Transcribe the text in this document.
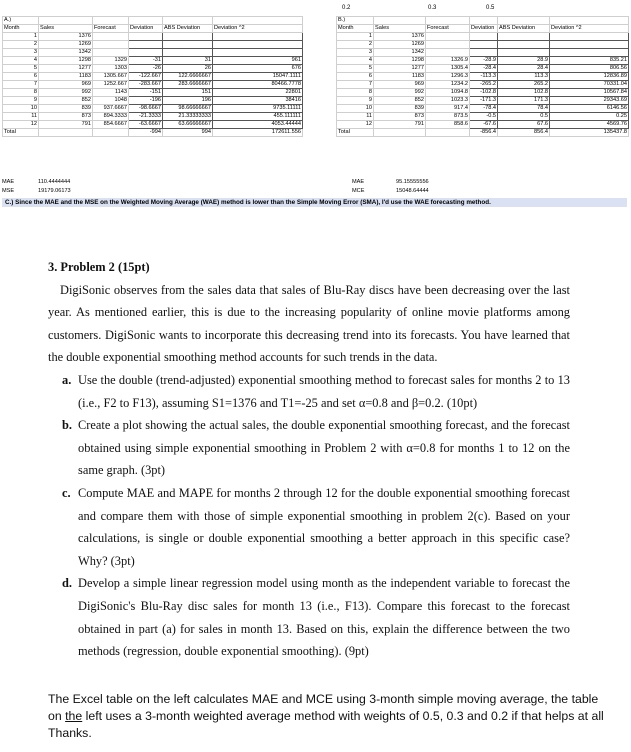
0.2	0.3	0.5
A.)					
Month	Sales	Forecast	Deviation	ABS Deviation	Deviation ^2
1	1376				
2	1269				
3	1342				
4	1298	1329	-31	31	961
5	1277	1303	-26	26	676
6	1183	1305.667	-122.667	122.6666667	15047.1111
7	969	1252.667	-283.667	283.6666667	80466.7778
8	992	1143	-151	151	22801
9	852	1048	-196	196	38416
10	839	937.6667	-98.6667	98.66666667	9735.11111
11	873	894.3333	-21.3333	21.33333333	455.111111
12	791	854.6667	-63.6667	63.66666667	4053.44444
Total			-994	994	172611.556
B.)					
Month	Sales	Forecast	Deviation	ABS Deviation	Deviation ^2
1	1376				
2	1269				
3	1342				
4	1298	1326.9	-28.9	28.9	835.21
5	1277	1305.4	-28.4	28.4	806.56
6	1183	1296.3	-113.3	113.3	12836.89
7	969	1234.2	-265.2	265.2	70331.04
8	992	1094.8	-102.8	102.8	10567.84
9	852	1023.3	-171.3	171.3	29343.69
10	839	917.4	-78.4	78.4	6146.56
11	873	873.5	-0.5	0.5	0.25
12	791	858.6	-67.6	67.6	4569.76
Total			-856.4	856.4	135437.8
MAE	110.4444444
MSE	19179.06173
MAE	95.15555556
MCE	15048.64444
C.) Since the MAE and the MSE on the Weighted Moving Average (WAE) method is lower than the Simple Moving Error (SMA), I'd use the WAE forecasting method.
3. Problem 2 (15pt)

DigiSonic observes from the sales data that sales of Blu-Ray discs have been decreasing over the last year. As mentioned earlier, this is due to the increasing popularity of online movie platforms among customers. DigiSonic wants to incorporate this decreasing trend into its forecasts. You have learned that the double exponential smoothing method accounts for such trends in the data.

a. Use the double (trend-adjusted) exponential smoothing method to forecast sales for months 2 to 13 (i.e., F2 to F13), assuming S1=1376 and T1=-25 and set α=0.8 and β=0.2. (10pt)
b. Create a plot showing the actual sales, the double exponential smoothing forecast, and the forecast obtained using simple exponential smoothing in Problem 2 with α=0.8 for months 1 to 12 on the same graph. (3pt)
c. Compute MAE and MAPE for months 2 through 12 for the double exponential smoothing forecast and compare them with those of simple exponential smoothing in problem 2(c). Based on your calculations, is single or double exponential smoothing a better approach in this specific case? Why? (3pt)
d. Develop a simple linear regression model using month as the independent variable to forecast the DigiSonic's Blu-Ray disc sales for month 13 (i.e., F13). Compare this forecast to the forecast obtained in part (a) for sales in month 13. Based on this, explain the difference between the two methods (regression, double exponential smoothing). (9pt)
The Excel table on the left calculates MAE and MCE using 3-month simple moving average, the table on the left uses a 3-month weighted average method with weights of 0.5, 0.3 and 0.2 if that helps at all Thanks.
